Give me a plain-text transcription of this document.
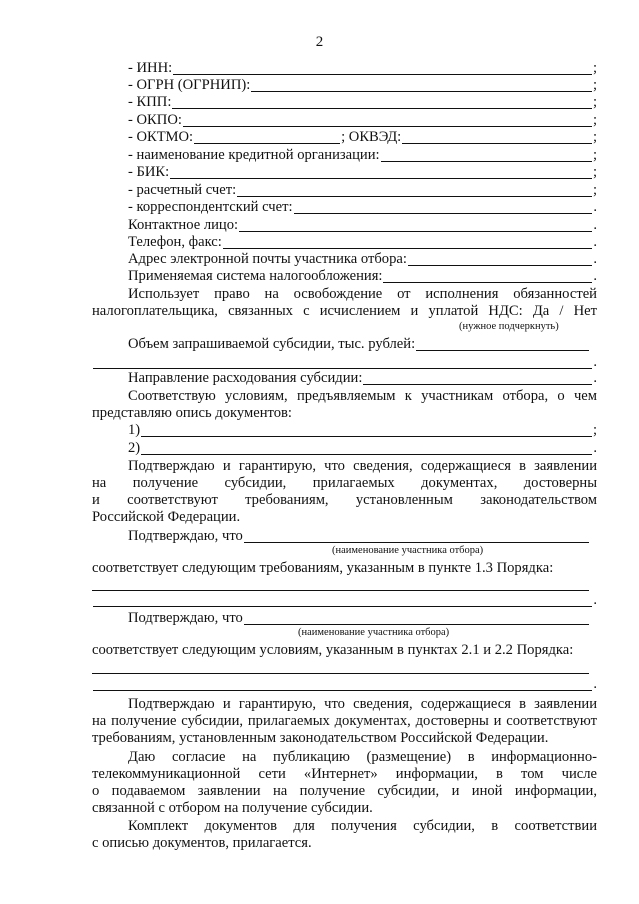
2
- ИНН:	;
- ОГРН (ОГРНИП):	;
- КПП:	;
- ОКПО:	;
- ОКТМО:	; ОКВЭД:	;
- наименование кредитной организации:	;
- БИК:	;
- расчетный счет:	;
- корреспондентский счет:	.
Контактное лицо:	.
Телефон, факс:	.
Адрес электронной почты участника отбора:	.
Применяемая система налогообложения:	.
Использует право на освобождение от исполнения обязанностей
налогоплательщика, связанных с исчислением и уплатой НДС: Да / Нет
(нужное подчеркнуть)
Объем запрашиваемой субсидии, тыс. рублей:
.
Направление расходования субсидии:	.
Соответствую условиям, предъявляемым к участникам отбора, о чем
представляю опись документов:
1)	;
2)	.
Подтверждаю и гарантирую, что сведения, содержащиеся в заявлении
на получение субсидии, прилагаемых документах, достоверны
и соответствуют требованиям, установленным законодательством
Российской Федерации.
Подтверждаю, что
(наименование участника отбора)
соответствует следующим требованиям, указанным в пункте 1.3 Порядка:
.
Подтверждаю, что
(наименование участника отбора)
соответствует следующим условиям, указанным в пунктах 2.1 и 2.2 Порядка:
.
Подтверждаю и гарантирую, что сведения, содержащиеся в заявлении
на получение субсидии, прилагаемых документах, достоверны и соответствуют
требованиям, установленным законодательством Российской Федерации.
Даю согласие на публикацию (размещение) в информационно-
телекоммуникационной сети «Интернет» информации, в том числе
о подаваемом заявлении на получение субсидии, и иной информации,
связанной с отбором на получение субсидии.
Комплект документов для получения субсидии, в соответствии
с описью документов, прилагается.
